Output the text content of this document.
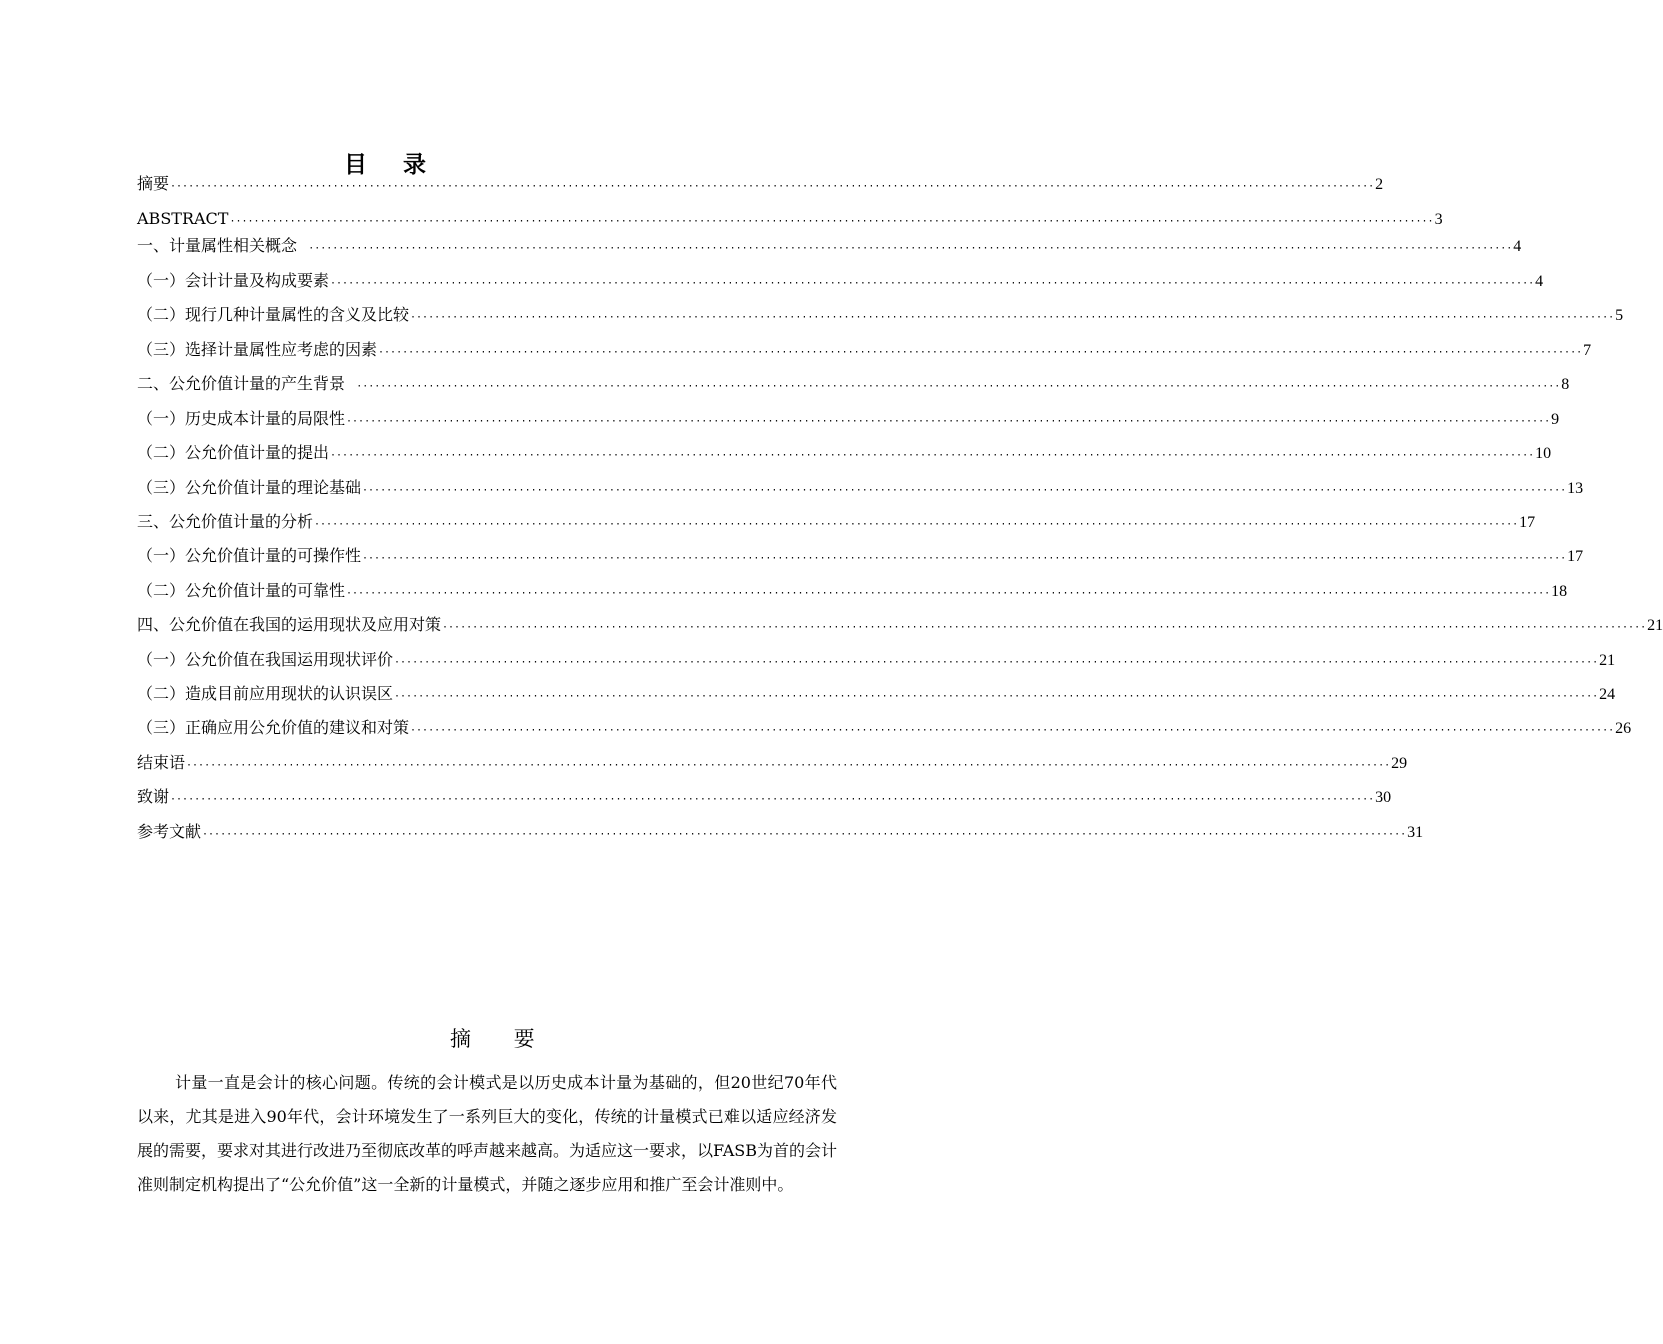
目 录
摘要 ········································································································································································································ 2
ABSTRACT ········································································································································································································ 3
一、计量属性相关概念 ········································································································································································································ 4
（一）会计计量及构成要素 ········································································································································································································ 4
（二）现行几种计量属性的含义及比较 ········································································································································································································ 5
（三）选择计量属性应考虑的因素 ········································································································································································································ 7
二、公允价值计量的产生背景 ········································································································································································································ 8
（一）历史成本计量的局限性 ········································································································································································································ 9
（二）公允价值计量的提出 ········································································································································································································ 10
（三）公允价值计量的理论基础 ········································································································································································································ 13
三、公允价值计量的分析 ········································································································································································································ 17
（一）公允价值计量的可操作性 ········································································································································································································ 17
（二）公允价值计量的可靠性 ········································································································································································································ 18
四、公允价值在我国的运用现状及应用对策 ········································································································································································································ 21
（一）公允价值在我国运用现状评价 ········································································································································································································ 21
（二）造成目前应用现状的认识误区 ········································································································································································································ 24
（三）正确应用公允价值的建议和对策 ········································································································································································································ 26
结束语 ········································································································································································································ 29
致谢 ········································································································································································································ 30
参考文献 ········································································································································································································ 31
摘 要

计量一直是会计的核心问题。传统的会计模式是以历史成本计量为基础的，但20世纪70年代以来，尤其是进入90年代，会计环境发生了一系列巨大的变化，传统的计量模式已难以适应经济发展的需要，要求对其进行改进乃至彻底改革的呼声越来越高。为适应这一要求，以FASB为首的会计准则制定机构提出了“公允价值”这一全新的计量模式，并随之逐步应用和推广至会计准则中。
